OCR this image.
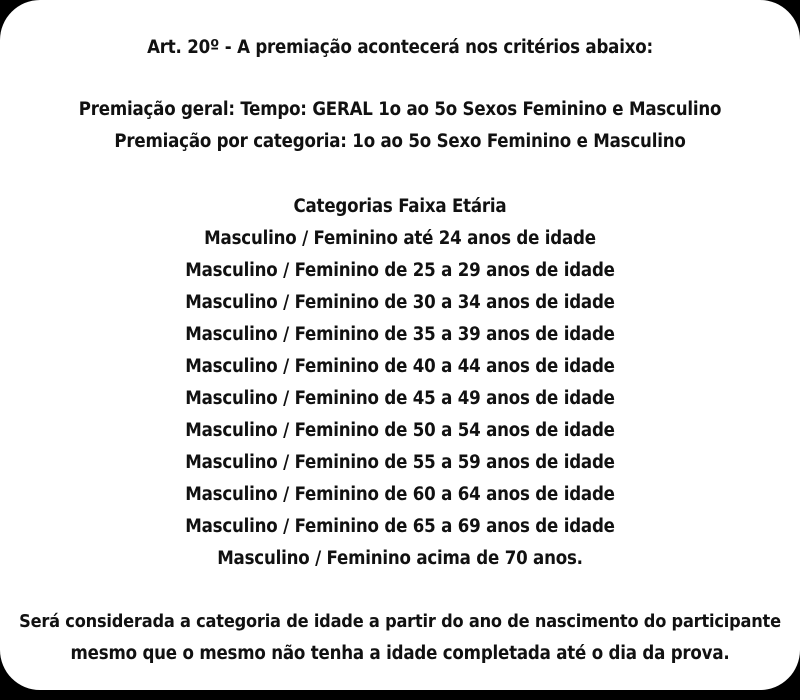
Art. 20º - A premiação acontecerá nos critérios abaixo:
Premiação geral: Tempo: GERAL 1o ao 5o Sexos Feminino e Masculino
Premiação por categoria: 1o ao 5o Sexo Feminino e Masculino
Categorias Faixa Etária
Masculino / Feminino até 24 anos de idade
Masculino / Feminino de 25 a 29 anos de idade
Masculino / Feminino de 30 a 34 anos de idade
Masculino / Feminino de 35 a 39 anos de idade
Masculino / Feminino de 40 a 44 anos de idade
Masculino / Feminino de 45 a 49 anos de idade
Masculino / Feminino de 50 a 54 anos de idade
Masculino / Feminino de 55 a 59 anos de idade
Masculino / Feminino de 60 a 64 anos de idade
Masculino / Feminino de 65 a 69 anos de idade
Masculino / Feminino acima de 70 anos.
Será considerada a categoria de idade a partir do ano de nascimento do participante
mesmo que o mesmo não tenha a idade completada até o dia da prova.
